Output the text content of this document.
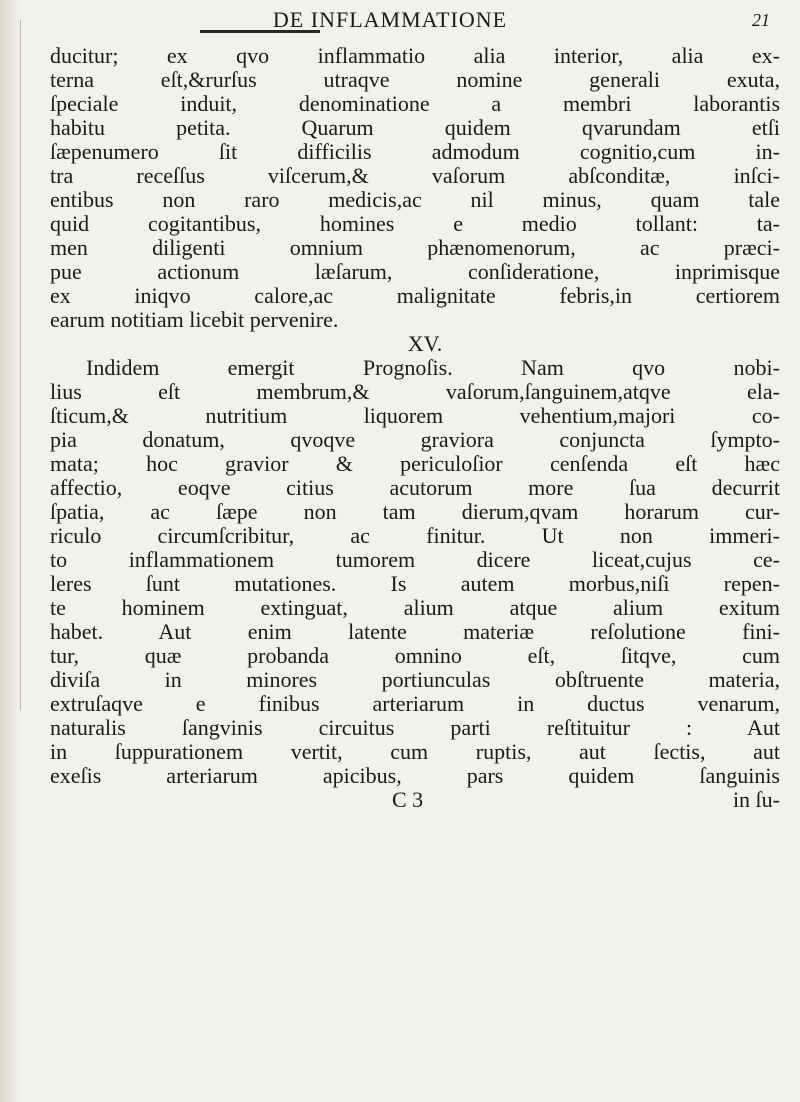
DE INFLAMMATIONE	21
ducitur; ex qvo inflammatio alia interior, alia ex-
terna eſt,&rurſus utraqve nomine generali exuta,
ſpeciale induit, denominatione a membri laborantis
habitu petita. Quarum quidem qvarundam etſi
ſæpenumero ſit difficilis admodum cognitio,cum in-
tra receſſus viſcerum,& vaſorum abſconditæ, inſci-
entibus non raro medicis,ac nil minus, quam tale
quid cogitantibus, homines e medio tollant: ta-
men diligenti omnium phænomenorum, ac præci-
pue actionum læſarum, conſideratione, inprimisque
ex iniqvo calore,ac malignitate febris,in certiorem
earum notitiam licebit pervenire.
XV.
Indidem emergit Prognoſis. Nam qvo nobi-
lius eſt membrum,& vaſorum,ſanguinem,atqve ela-
ſticum,& nutritium liquorem vehentium,majori co-
pia donatum, qvoqve graviora conjuncta ſympto-
mata; hoc gravior & periculoſior cenſenda eſt hæc
affectio, eoqve citius acutorum more ſua decurrit
ſpatia, ac ſæpe non tam dierum,qvam horarum cur-
riculo circumſcribitur, ac finitur. Ut non immeri-
to inflammationem tumorem dicere liceat,cujus ce-
leres ſunt mutationes. Is autem morbus,niſi repen-
te hominem extinguat, alium atque alium exitum
habet. Aut enim latente materiæ reſolutione fini-
tur, quæ probanda omnino eſt, ſitqve, cum
diviſa in minores portiunculas obſtruente materia,
extruſaqve e finibus arteriarum in ductus venarum,
naturalis ſangvinis circuitus parti reſtituitur : Aut
in ſuppurationem vertit, cum ruptis, aut ſectis, aut
exeſis arteriarum apicibus, pars quidem ſanguinis
C 3	in ſu-
